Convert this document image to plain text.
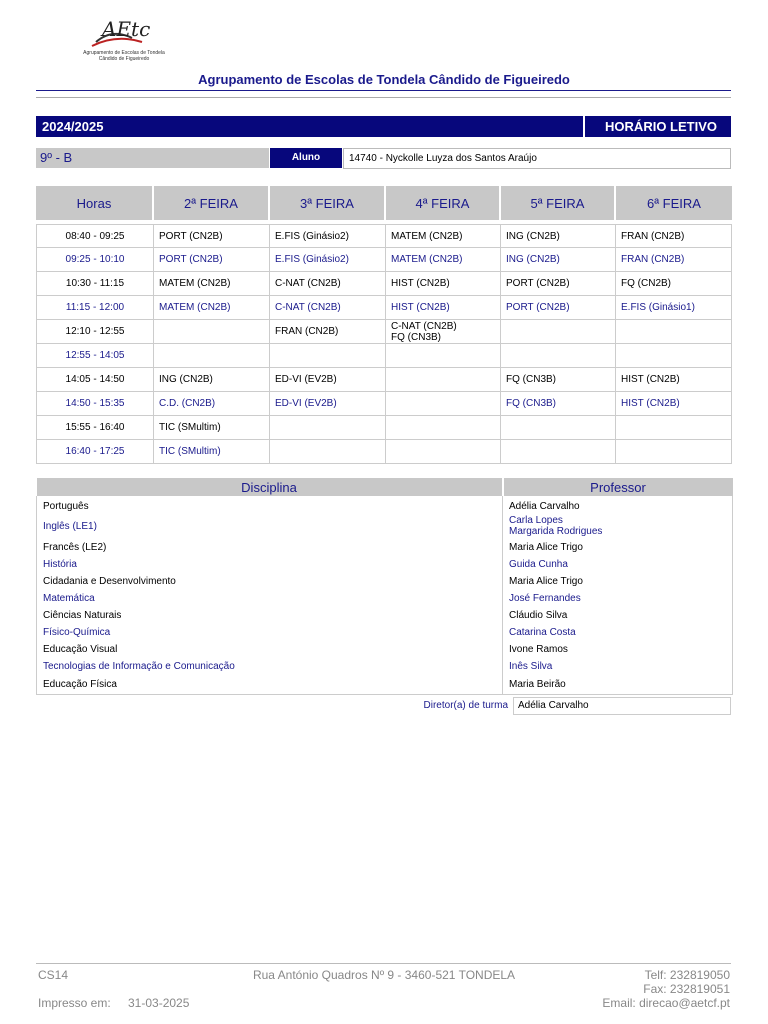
AEtc
Agrupamento de Escolas de Tondela Cândido de Figueiredo
Agrupamento de Escolas de Tondela Cândido de Figueiredo
2024/2025	HORÁRIO LETIVO
9º - B	Aluno	14740 - Nyckolle Luyza dos Santos Araújo
Horas	2ª FEIRA	3ª FEIRA	4ª FEIRA	5ª FEIRA	6ª FEIRA

08:40 - 09:25	PORT (CN2B)	E.FIS (Ginásio2)	MATEM (CN2B)	ING (CN2B)	FRAN (CN2B)
09:25 - 10:10	PORT (CN2B)	E.FIS (Ginásio2)	MATEM (CN2B)	ING (CN2B)	FRAN (CN2B)
10:30 - 11:15	MATEM (CN2B)	C-NAT (CN2B)	HIST (CN2B)	PORT (CN2B)	FQ (CN2B)
11:15 - 12:00	MATEM (CN2B)	C-NAT (CN2B)	HIST (CN2B)	PORT (CN2B)	E.FIS (Ginásio1)
12:10 - 12:55		FRAN (CN2B)	C-NAT (CN2B)
FQ (CN3B)		

12:55 - 14:05					
14:05 - 14:50	ING (CN2B)	ED-VI (EV2B)		FQ (CN3B)	HIST (CN2B)
14:50 - 15:35	C.D. (CN2B)	ED-VI (EV2B)		FQ (CN3B)	HIST (CN2B)
15:55 - 16:40	TIC (SMultim)				
16:40 - 17:25	TIC (SMultim)				
Disciplina	Professor

Português	Adélia Carvalho
Inglês (LE1)	Carla Lopes
Margarida Rodrigues

Francês (LE2)	Maria Alice Trigo
História	Guida Cunha
Cidadania e Desenvolvimento	Maria Alice Trigo
Matemática	José Fernandes
Ciências Naturais	Cláudio Silva
Físico-Química	Catarina Costa
Educação Visual	Ivone Ramos
Tecnologias de Informação e Comunicação	Inês Silva
Educação Física	Maria Beirão
Diretor(a) de turma	Adélia Carvalho
CS14	Rua António Quadros Nº 9 - 3460-521 TONDELA	Telf: 232819050
Fax: 232819051
Impresso em: 31-03-2025	Email: direcao@aetcf.pt
